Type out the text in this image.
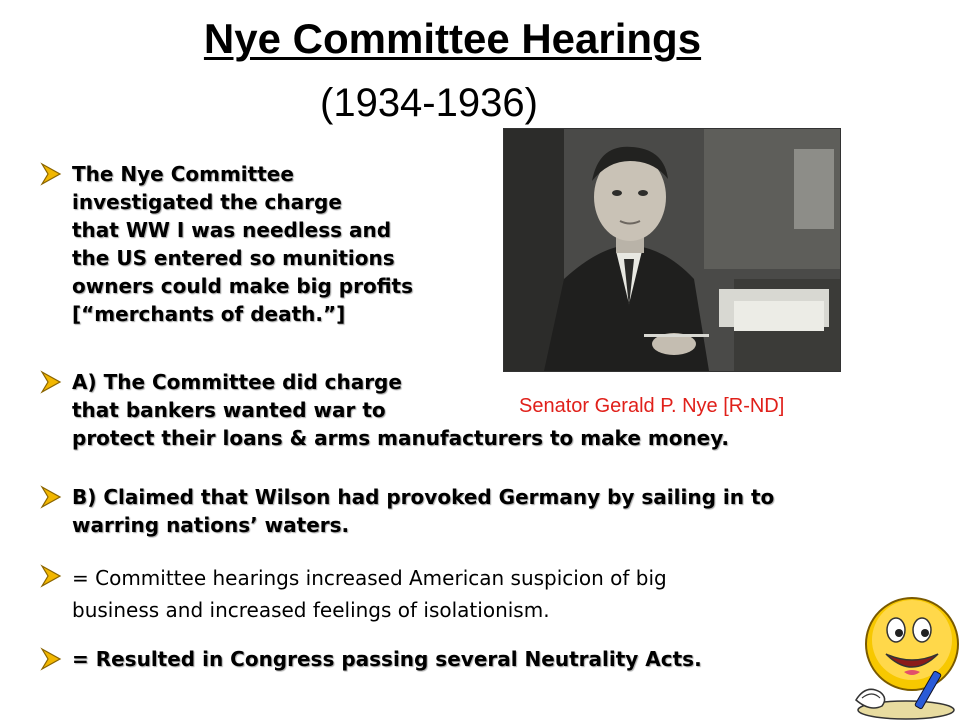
Nye Committee Hearings
(1934-1936)
Senator Gerald P. Nye [R-ND]
The Nye Committee
investigated the charge
that WW I was needless and
the US entered so munitions
owners could make big profits
[“merchants of death.”]
A) The Committee did charge
that bankers wanted war to
protect their loans & arms manufacturers to make money.
B) Claimed that Wilson had provoked Germany by sailing in to
warring nations’ waters.
= Committee hearings increased American suspicion of big
business and increased feelings of isolationism.
= Resulted in Congress passing several Neutrality Acts.
